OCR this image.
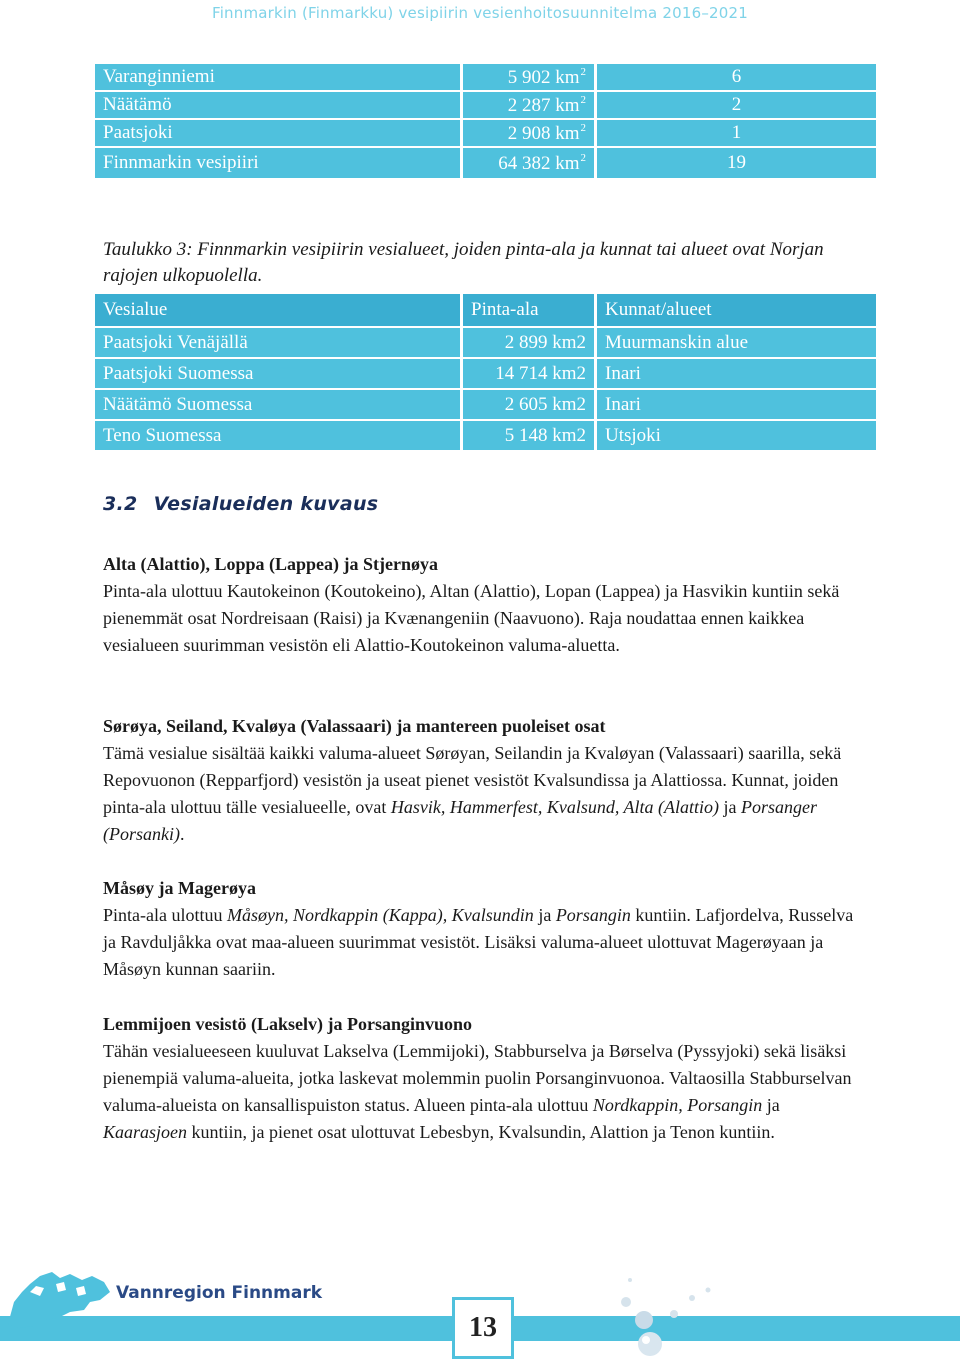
Finnmarkin (Finmarkku) vesipiirin vesienhoitosuunnitelma 2016–2021
Varanginniemi	5 902 $km^2$	6
Näätämö	2 287 $km^2$	2
Paatsjoki	2 908 $km^2$	1
Finnmarkin vesipiiri	64 382 $km^2$	19
Taulukko 3: Finnmarkin vesipiirin vesialueet, joiden pinta-ala ja kunnat tai alueet ovat Norjan rajojen ulkopuolella.
Vesialue	Pinta-ala	Kunnat/alueet
Paatsjoki Venäjällä	2 899 km2	Muurmanskin alue
Paatsjoki Suomessa	14 714 km2	Inari
Näätämö Suomessa	2 605 km2	Inari
Teno Suomessa	5 148 km2	Utsjoki
3.2 Vesialueiden kuvaus

Alta (Alattio), Loppa (Lappea) ja Stjernøya

Pinta-ala ulottuu Kautokeinon (Koutokeino), Altan (Alattio), Lopan (Lappea) ja Hasvikin kuntiin sekä pienemmät osat Nordreisaan (Raisi) ja Kvænangeniin (Naavuono). Raja noudattaa ennen kaikkea vesialueen suurimman vesistön eli Alattio-Koutokeinon valuma-aluetta.

Sørøya, Seiland, Kvaløya (Valassaari) ja mantereen puoleiset osat

Tämä vesialue sisältää kaikki valuma-alueet Sørøyan, Seilandin ja Kvaløyan (Valassaari) saarilla, sekä Repovuonon (Repparfjord) vesistön ja useat pienet vesistöt Kvalsundissa ja Alattiossa. Kunnat, joiden pinta-ala ulottuu tälle vesialueelle, ovat Hasvik, Hammerfest, Kvalsund, Alta (Alattio) ja Porsanger (Porsanki).

Måsøy ja Magerøya

Pinta-ala ulottuu Måsøyn, Nordkappin (Kappa), Kvalsundin ja Porsangin kuntiin. Lafjordelva, Russelva ja Ravduljåkka ovat maa-alueen suurimmat vesistöt. Lisäksi valuma-alueet ulottuvat Magerøyaan ja Måsøyn kunnan saariin.

Lemmijoen vesistö (Lakselv) ja Porsanginvuono

Tähän vesialueeseen kuuluvat Lakselva (Lemmijoki), Stabburselva ja Børselva (Pyssyjoki) sekä lisäksi pienempiä valuma-alueita, jotka laskevat molemmin puolin Porsanginvuonoa. Valtaosilla Stabburselvan valuma-alueista on kansallispuiston status. Alueen pinta-ala ulottuu Nordkappin, Porsangin ja Kaarasjoen kuntiin, ja pienet osat ulottuvat Lebesbyn, Kvalsundin, Alattion ja Tenon kuntiin.

Vannregion Finnmark
13
